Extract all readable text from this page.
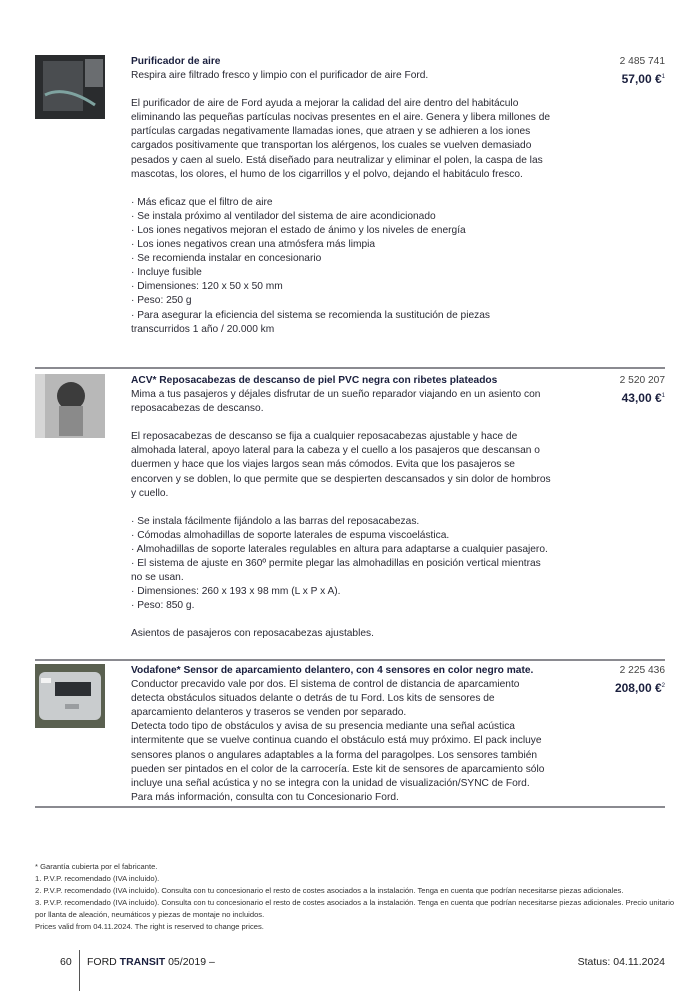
Purificador de aire

Respira aire filtrado fresco y limpio con el purificador de aire Ford.

El purificador de aire de Ford ayuda a mejorar la calidad del aire dentro del habitáculo eliminando las pequeñas partículas nocivas presentes en el aire. Genera y libera millones de partículas cargadas negativamente llamadas iones, que atraen y se adhieren a los iones cargados positivamente que transportan los alérgenos, los cuales se vuelven demasiado pesados y caen al suelo. Está diseñado para neutralizar y eliminar el polen, la caspa de las mascotas, los olores, el humo de los cigarrillos y el polvo, dejando el habitáculo fresco.

· Más eficaz que el filtro de aire

· Se instala próximo al ventilador del sistema de aire acondicionado

· Los iones negativos mejoran el estado de ánimo y los niveles de energía

· Los iones negativos crean una atmósfera más limpia

· Se recomienda instalar en concesionario

· Incluye fusible

· Dimensiones: 120 x 50 x 50 mm

· Peso: 250 g

· Para asegurar la eficiencia del sistema se recomienda la sustitución de piezas transcurridos 1 año / 20.000 km

2 485 741
57,00 €$^1$
ACV* Reposacabezas de descanso de piel PVC negra con ribetes plateados

Mima a tus pasajeros y déjales disfrutar de un sueño reparador viajando en un asiento con reposacabezas de descanso.

El reposacabezas de descanso se fija a cualquier reposacabezas ajustable y hace de almohada lateral, apoyo lateral para la cabeza y el cuello a los pasajeros que descansan o duermen y hace que los viajes largos sean más cómodos. Evita que los pasajeros se encorven y se doblen, lo que permite que se despierten descansados y sin dolor de hombros y cuello.

· Se instala fácilmente fijándolo a las barras del reposacabezas.

· Cómodas almohadillas de soporte laterales de espuma viscoelástica.

· Almohadillas de soporte laterales regulables en altura para adaptarse a cualquier pasajero.

· El sistema de ajuste en 360º permite plegar las almohadillas en posición vertical mientras no se usan.

· Dimensiones: 260 x 193 x 98 mm (L x P x A).

· Peso: 850 g.

Asientos de pasajeros con reposacabezas ajustables.

2 520 207
43,00 €$^1$
Vodafone* Sensor de aparcamiento delantero, con 4 sensores en color negro mate.

Conductor precavido vale por dos. El sistema de control de distancia de aparcamiento detecta obstáculos situados delante o detrás de tu Ford. Los kits de sensores de aparcamiento delanteros y traseros se venden por separado.

Detecta todo tipo de obstáculos y avisa de su presencia mediante una señal acústica intermitente que se vuelve continua cuando el obstáculo está muy próximo. El pack incluye sensores planos o angulares adaptables a la forma del paragolpes. Los sensores también pueden ser pintados en el color de la carrocería. Este kit de sensores de aparcamiento sólo incluye una señal acústica y no se integra con la unidad de visualización/SYNC de Ford. Para más información, consulta con tu Concesionario Ford.

2 225 436
208,00 €$^2$

* Garantía cubierta por el fabricante.

1. P.V.P. recomendado (IVA incluido).

2. P.V.P. recomendado (IVA incluido). Consulta con tu concesionario el resto de costes asociados a la instalación. Tenga en cuenta que podrían necesitarse piezas adicionales.

3. P.V.P. recomendado (IVA incluido). Consulta con tu concesionario el resto de costes asociados a la instalación. Tenga en cuenta que podrían necesitarse piezas adicionales. Precio unitario por llanta de aleación, neumáticos y piezas de montaje no incluidos.

Prices valid from 04.11.2024. The right is reserved to change prices.

60 FORD TRANSIT 05/2019 –	Status: 04.11.2024
